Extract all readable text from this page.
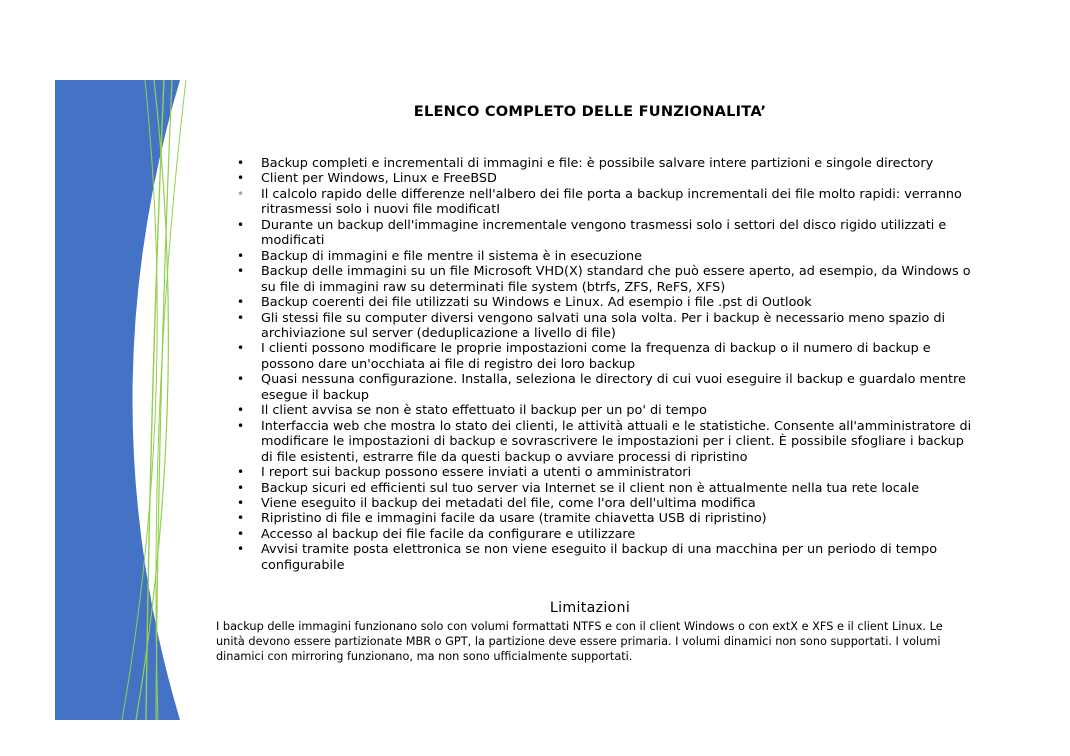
ELENCO COMPLETO DELLE FUNZIONALITA’
• Backup completi e incrementali di immagini e file: è possibile salvare intere partizioni e singole directory
• Client per Windows, Linux e FreeBSD
• Il calcolo rapido delle differenze nell'albero dei file porta a backup incrementali dei file molto rapidi: verranno ritrasmessi solo i nuovi file modificatI
• Durante un backup dell'immagine incrementale vengono trasmessi solo i settori del disco rigido utilizzati e modificati
• Backup di immagini e file mentre il sistema è in esecuzione
• Backup delle immagini su un file Microsoft VHD(X) standard che può essere aperto, ad esempio, da Windows o su file di immagini raw su determinati file system (btrfs, ZFS, ReFS, XFS)
• Backup coerenti dei file utilizzati su Windows e Linux. Ad esempio i file .pst di Outlook
• Gli stessi file su computer diversi vengono salvati una sola volta. Per i backup è necessario meno spazio di archiviazione sul server (deduplicazione a livello di file)
• I clienti possono modificare le proprie impostazioni come la frequenza di backup o il numero di backup e possono dare un'occhiata ai file di registro dei loro backup
• Quasi nessuna configurazione. Installa, seleziona le directory di cui vuoi eseguire il backup e guardalo mentre esegue il backup
• Il client avvisa se non è stato effettuato il backup per un po' di tempo
• Interfaccia web che mostra lo stato dei clienti, le attività attuali e le statistiche. Consente all'amministratore di modificare le impostazioni di backup e sovrascrivere le impostazioni per i client. È possibile sfogliare i backup di file esistenti, estrarre file da questi backup o avviare processi di ripristino
• I report sui backup possono essere inviati a utenti o amministratori
• Backup sicuri ed efficienti sul tuo server via Internet se il client non è attualmente nella tua rete locale
• Viene eseguito il backup dei metadati del file, come l'ora dell'ultima modifica
• Ripristino di file e immagini facile da usare (tramite chiavetta USB di ripristino)
• Accesso al backup dei file facile da configurare e utilizzare
• Avvisi tramite posta elettronica se non viene eseguito il backup di una macchina per un periodo di tempo configurabile
Limitazioni
I backup delle immagini funzionano solo con volumi formattati NTFS e con il client Windows o con extX e XFS e il client Linux. Le unità devono essere partizionate MBR o GPT, la partizione deve essere primaria. I volumi dinamici non sono supportati. I volumi dinamici con mirroring funzionano, ma non sono ufficialmente supportati.
